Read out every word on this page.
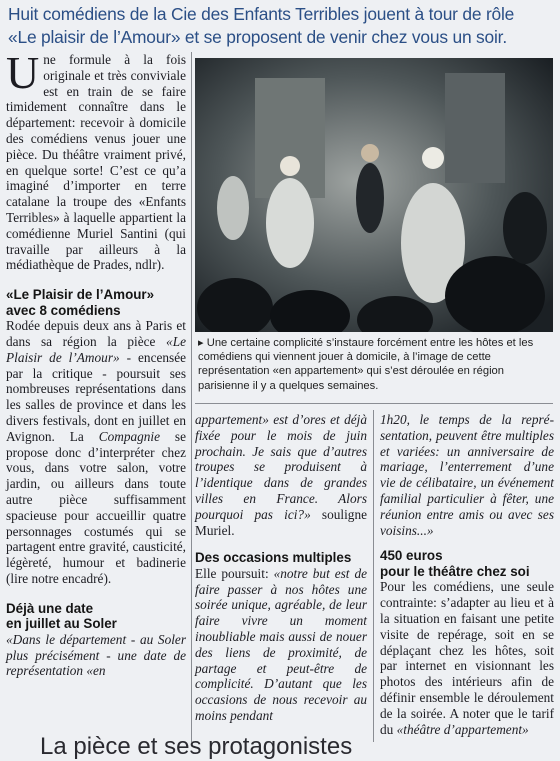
Huit comédiens de la Cie des Enfants Terribles jouent à tour de rôle
«Le plaisir de l’Amour» et se proposent de venir chez vous un soir.

Une formule à la fois originale et très conviviale est en train de se faire timidement connaître dans le département: recevoir à domicile des comédiens venus jouer une pièce. Du théâtre vraiment privé, en quelque sorte! C’est ce qu’a imaginé d’importer en terre catalane la troupe des «Enfants Terribles» à laquelle appartient la comédienne Muriel Santini (qui travaille par ailleurs à la médiathèque de Prades, ndlr).

«Le Plaisir de l’Amour»
avec 8 comédiens

Rodée depuis deux ans à Paris et dans sa région la pièce «Le Plaisir de l’Amour» - encensée par la critique - poursuit ses nombreuses représentations dans les salles de province et dans les divers festivals, dont en juillet en Avignon. La Compagnie se propose donc d’interpréter chez vous, dans votre salon, votre jardin, ou ailleurs dans toute autre pièce suffisamment spacieuse pour accueillir quatre personnages costumés qui se partagent entre gravité, causticité, légèreté, humour et badinerie (lire notre encadré).

Déjà une date
en juillet au Soler

«Dans le département - au Soler plus précisément - une date de représentation «en

▸ Une certaine complicité s’instaure forcément entre les hôtes et les comédiens qui viennent jouer à domicile, à l’image de cette représentation «en appartement» qui s’est déroulée en région parisienne il y a quelques semaines.

appartement» est d’ores et déjà fixée pour le mois de juin prochain. Je sais que d’autres troupes se produisent à l’identique dans de grandes villes en France. Alors pourquoi pas ici?» souligne Muriel.

Des occasions multiples

Elle poursuit: «notre but est de faire passer à nos hôtes une soirée unique, agréable, de leur faire vivre un moment inoubliable mais aussi de nouer des liens de proximité, de partage et peut-être de complicité. D’autant que les occasions de nous recevoir au moins pendant

1h20, le temps de la représentation, peuvent être multiples et variées: un anniversaire de mariage, l’enterrement d’une vie de célibataire, un événement familial particulier à fêter, une réunion entre amis ou avec ses voisins...»

450 euros
pour le théâtre chez soi

Pour les comédiens, une seule contrainte: s’adapter au lieu et à la situation en faisant une petite visite de repérage, soit en se déplaçant chez les hôtes, soit par internet en visionnant les photos des intérieurs afin de définir ensemble le déroulement de la soirée. A noter que le tarif du «théâtre d’appartement»

La pièce et ses protagonistes
